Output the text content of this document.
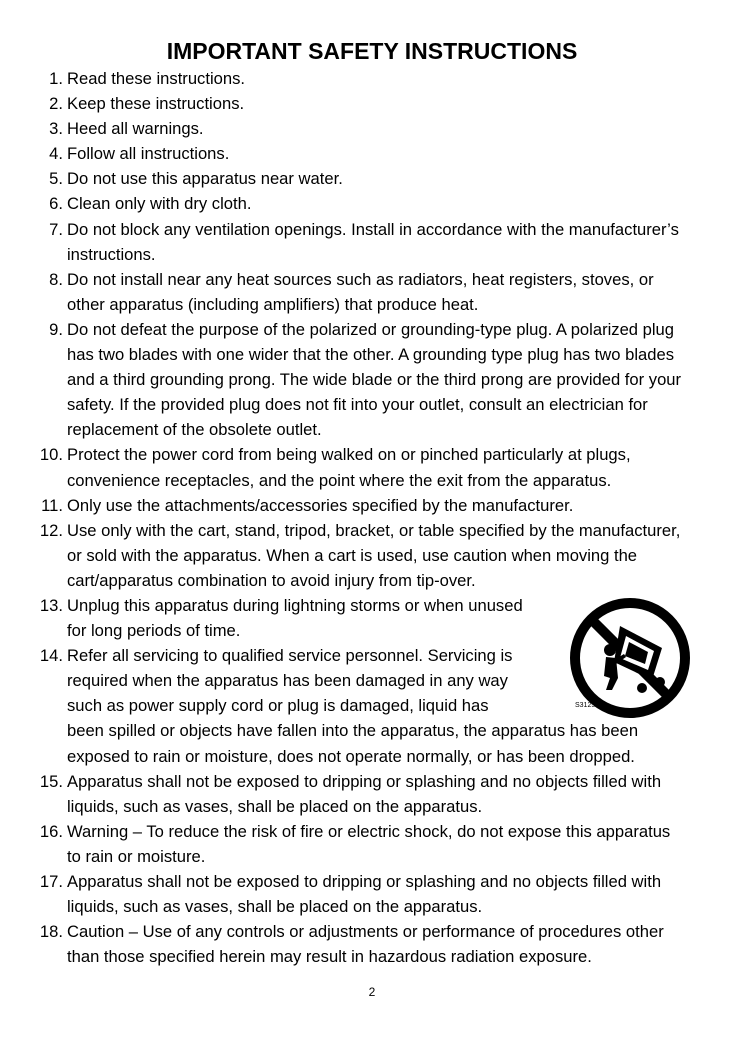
IMPORTANT SAFETY INSTRUCTIONS
1. Read these instructions.
2. Keep these instructions.
3. Heed all warnings.
4. Follow all instructions.
5. Do not use this apparatus near water.
6. Clean only with dry cloth.
7. Do not block any ventilation openings. Install in accordance with the manufacturer’s
instructions.
8. Do not install near any heat sources such as radiators, heat registers, stoves, or
other apparatus (including amplifiers) that produce heat.
9. Do not defeat the purpose of the polarized or grounding-type plug. A polarized plug
has two blades with one wider that the other. A grounding type plug has two blades
and a third grounding prong. The wide blade or the third prong are provided for your
safety. If the provided plug does not fit into your outlet, consult an electrician for
replacement of the obsolete outlet.
10. Protect the power cord from being walked on or pinched particularly at plugs,
convenience receptacles, and the point where the exit from the apparatus.
11. Only use the attachments/accessories specified by the manufacturer.
12. Use only with the cart, stand, tripod, bracket, or table specified by the manufacturer,
or sold with the apparatus. When a cart is used, use caution when moving the
cart/apparatus combination to avoid injury from tip-over.
13. Unplug this apparatus during lightning storms or when unused
for long periods of time.
14. Refer all servicing to qualified service personnel. Servicing is
required when the apparatus has been damaged in any way
such as power supply cord or plug is damaged, liquid has
been spilled or objects have fallen into the apparatus, the apparatus has been
exposed to rain or moisture, does not operate normally, or has been dropped.
15. Apparatus shall not be exposed to dripping or splashing and no objects filled with
liquids, such as vases, shall be placed on the apparatus.
16. Warning – To reduce the risk of fire or electric shock, do not expose this apparatus
to rain or moisture.
17. Apparatus shall not be exposed to dripping or splashing and no objects filled with
liquids, such as vases, shall be placed on the apparatus.
18. Caution – Use of any controls or adjustments or performance of procedures other
than those specified herein may result in hazardous radiation exposure.
S3125A
2
